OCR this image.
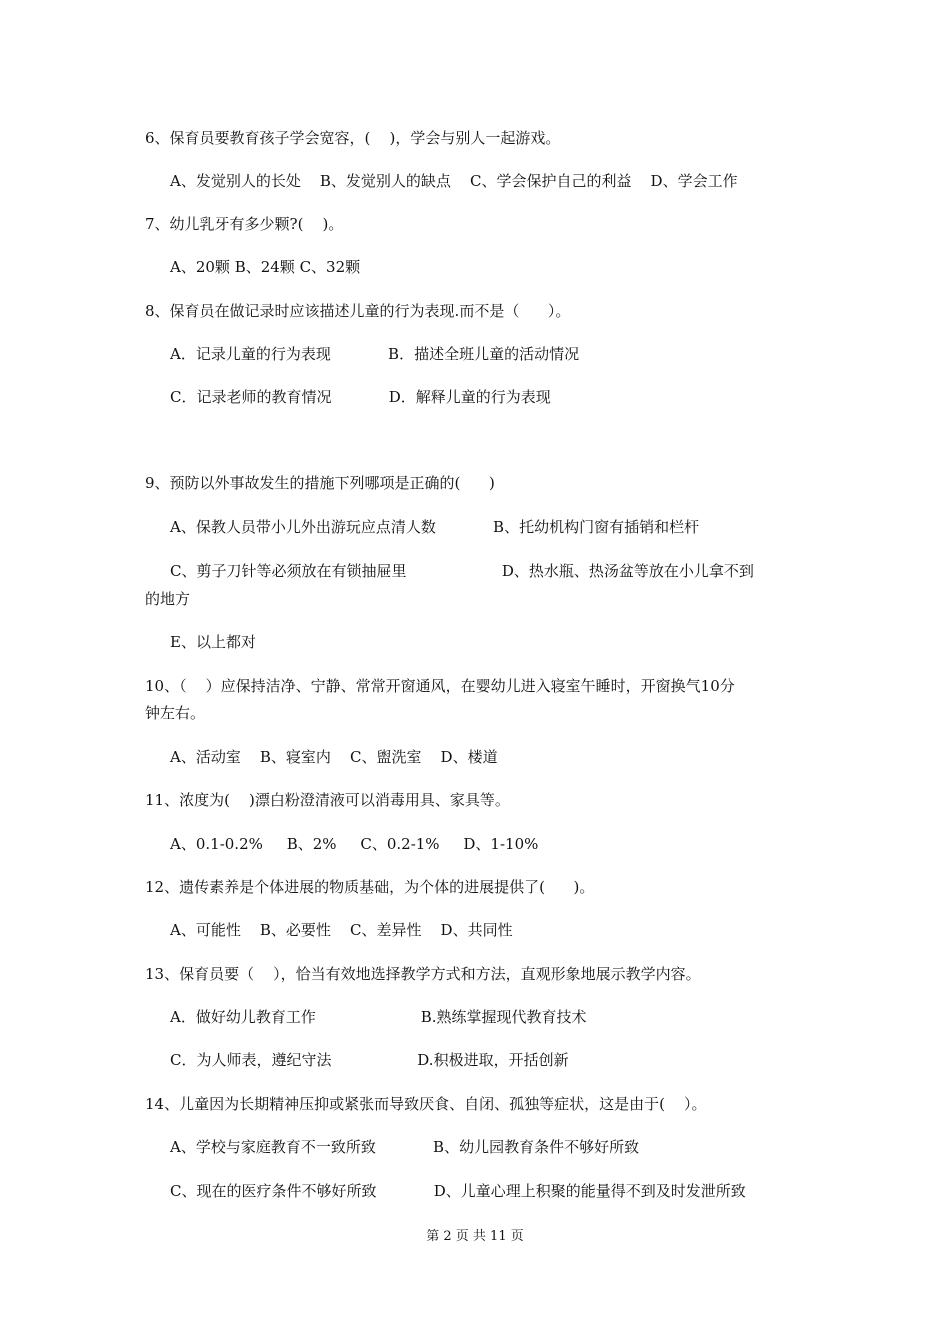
6、保育员要教育孩子学会宽容，(    )，学会与别人一起游戏。
A、发觉别人的长处    B、发觉别人的缺点    C、学会保护自己的利益    D、学会工作
7、幼儿乳牙有多少颗?(    )。
A、20颗 B、24颗 C、32颗
8、保育员在做记录时应该描述儿童的行为表现.而不是（      ）。
A．记录儿童的行为表现            B．描述全班儿童的活动情况
C．记录老师的教育情况            D．解释儿童的行为表现
9、预防以外事故发生的措施下列哪项是正确的(      )
A、保教人员带小儿外出游玩应点清人数            B、托幼机构门窗有插销和栏杆
C、剪子刀针等必须放在有锁抽屉里                    D、热水瓶、热汤盆等放在小儿拿不到
的地方
E、以上都对
10、（    ）应保持洁净、宁静、常常开窗通风，在婴幼儿进入寝室午睡时，开窗换气10分
钟左右。
A、活动室    B、寝室内    C、盥洗室    D、楼道
11、浓度为(    )漂白粉澄清液可以消毒用具、家具等。
A、0.1-0.2%     B、2%     C、0.2-1%     D、1-10%
12、遗传素养是个体进展的物质基础，为个体的进展提供了(      )。
A、可能性    B、必要性    C、差异性    D、共同性
13、保育员要（    ），恰当有效地选择教学方式和方法，直观形象地展示教学内容。
A．做好幼儿教育工作                      B.熟练掌握现代教育技术
C．为人师表，遵纪守法                  D.积极进取，开括创新
14、儿童因为长期精神压抑或紧张而导致厌食、自闭、孤独等症状，这是由于(    ）。
A、学校与家庭教育不一致所致            B、幼儿园教育条件不够好所致
C、现在的医疗条件不够好所致            D、儿童心理上积聚的能量得不到及时发泄所致
第 2 页 共 11 页
